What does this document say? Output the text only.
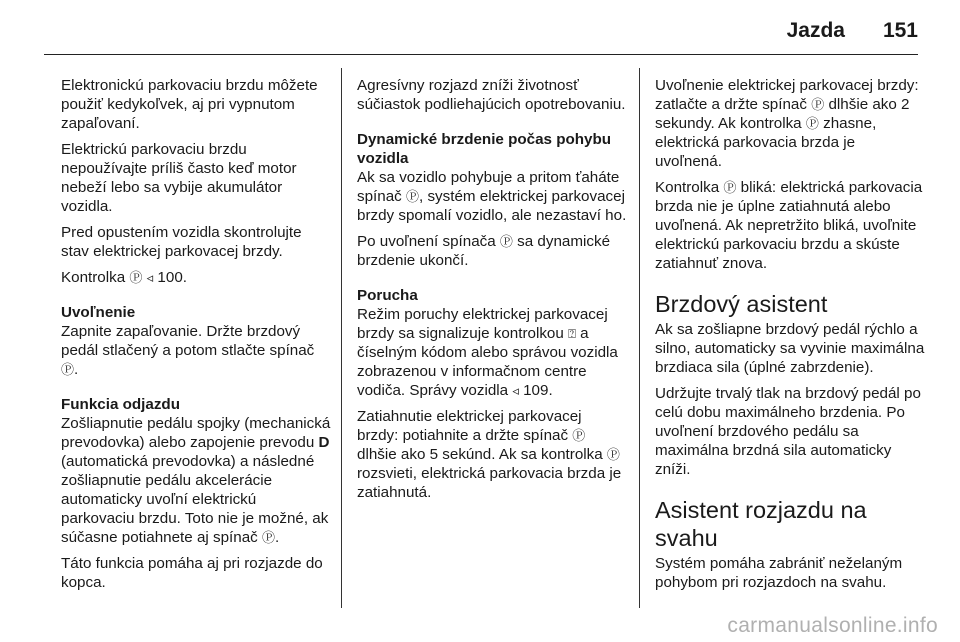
Jazda 151

Elektronickú parkovaciu brzdu môžete použiť kedykoľvek, aj pri vypnutom zapaľovaní.

Elektrickú parkovaciu brzdu nepoužívajte príliš často keď motor nebeží lebo sa vybije akumulátor vozidla.

Pred opustením vozidla skontrolujte stav elektrickej parkovacej brzdy.

Kontrolka Ⓟ ◃ 100.

Uvoľnenie

Zapnite zapaľovanie. Držte brzdový pedál stlačený a potom stlačte spínač Ⓟ.

Funkcia odjazdu

Zošliapnutie pedálu spojky (mechanická prevodovka) alebo zapojenie prevodu D (automatická prevodovka) a následné zošliapnutie pedálu akcelerácie automaticky uvoľní elektrickú parkovaciu brzdu. Toto nie je možné, ak súčasne potiahnete aj spínač Ⓟ.

Táto funkcia pomáha aj pri rozjazde do kopca.

Agresívny rozjazd zníži životnosť súčiastok podliehajúcich opotrebovaniu.

Dynamické brzdenie počas pohybu vozidla

Ak sa vozidlo pohybuje a pritom ťaháte spínač Ⓟ, systém elektrickej parkovacej brzdy spomalí vozidlo, ale nezastaví ho.

Po uvoľnení spínača Ⓟ sa dynamické brzdenie ukončí.

Porucha

Režim poruchy elektrickej parkovacej brzdy sa signalizuje kontrolkou ⍰ a číselným kódom alebo správou vozidla zobrazenou v informačnom centre vodiča. Správy vozidla ◃ 109.

Zatiahnutie elektrickej parkovacej brzdy: potiahnite a držte spínač Ⓟ dlhšie ako 5 sekúnd. Ak sa kontrolka Ⓟ rozsvieti, elektrická parkovacia brzda je zatiahnutá.

Uvoľnenie elektrickej parkovacej brzdy: zatlačte a držte spínač Ⓟ dlhšie ako 2 sekundy. Ak kontrolka Ⓟ zhasne, elektrická parkovacia brzda je uvoľnená.

Kontrolka Ⓟ bliká: elektrická parkovacia brzda nie je úplne zatiahnutá alebo uvoľnená. Ak nepretržito bliká, uvoľnite elektrickú parkovaciu brzdu a skúste zatiahnuť znova.

Brzdový asistent

Ak sa zošliapne brzdový pedál rýchlo a silno, automaticky sa vyvinie maximálna brzdiaca sila (úplné zabrzdenie).

Udržujte trvalý tlak na brzdový pedál po celú dobu maximálneho brzdenia. Po uvoľnení brzdového pedálu sa maximálna brzdná sila automaticky zníži.

Asistent rozjazdu na svahu

Systém pomáha zabrániť neželaným pohybom pri rozjazdoch na svahu.

carmanualsonline.info
